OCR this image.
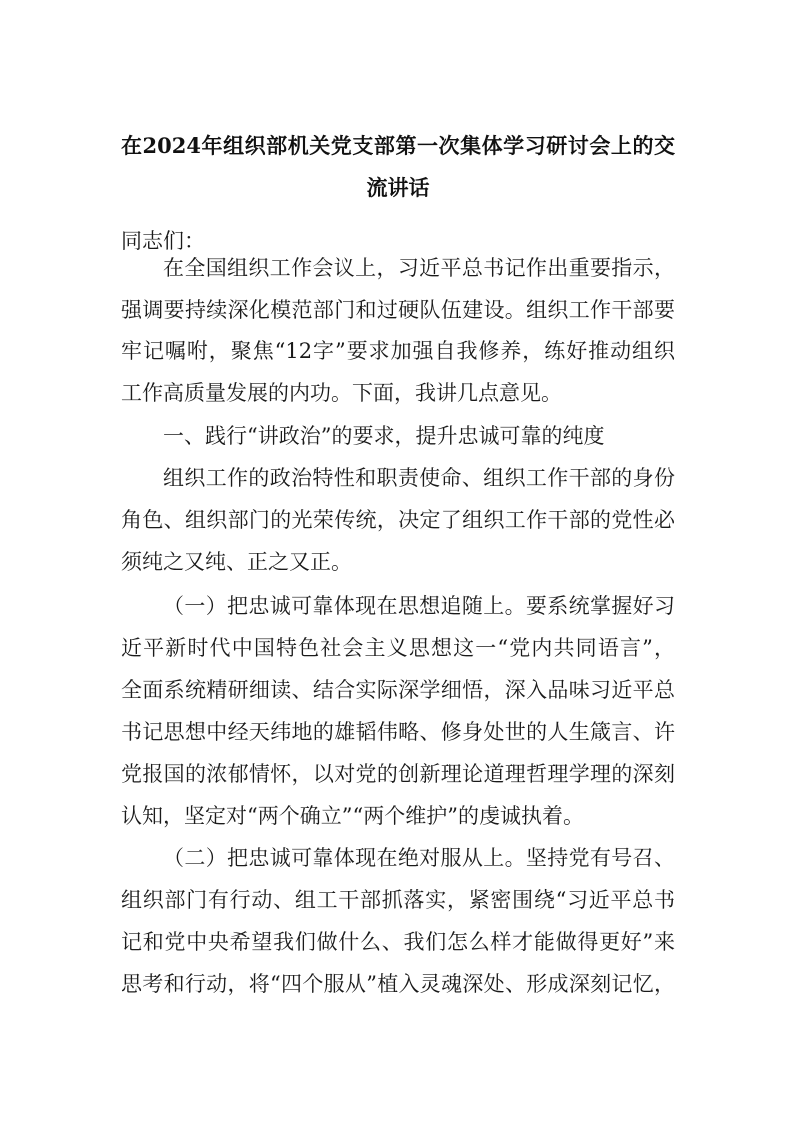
在2024年组织部机关党支部第一次集体学习研讨会上的交
流讲话
同志们：
在全国组织工作会议上，习近平总书记作出重要指示，
强调要持续深化模范部门和过硬队伍建设。组织工作干部要
牢记嘱咐，聚焦“12字”要求加强自我修养，练好推动组织
工作高质量发展的内功。下面，我讲几点意见。
一、践行“讲政治”的要求，提升忠诚可靠的纯度
组织工作的政治特性和职责使命、组织工作干部的身份
角色、组织部门的光荣传统，决定了组织工作干部的党性必
须纯之又纯、正之又正。
（一）把忠诚可靠体现在思想追随上。要系统掌握好习
近平新时代中国特色社会主义思想这一“党内共同语言”，
全面系统精研细读、结合实际深学细悟，深入品味习近平总
书记思想中经天纬地的雄韬伟略、修身处世的人生箴言、许
党报国的浓郁情怀，以对党的创新理论道理哲理学理的深刻
认知，坚定对“两个确立”“两个维护”的虔诚执着。
（二）把忠诚可靠体现在绝对服从上。坚持党有号召、
组织部门有行动、组工干部抓落实，紧密围绕“习近平总书
记和党中央希望我们做什么、我们怎么样才能做得更好”来
思考和行动，将“四个服从”植入灵魂深处、形成深刻记忆，
